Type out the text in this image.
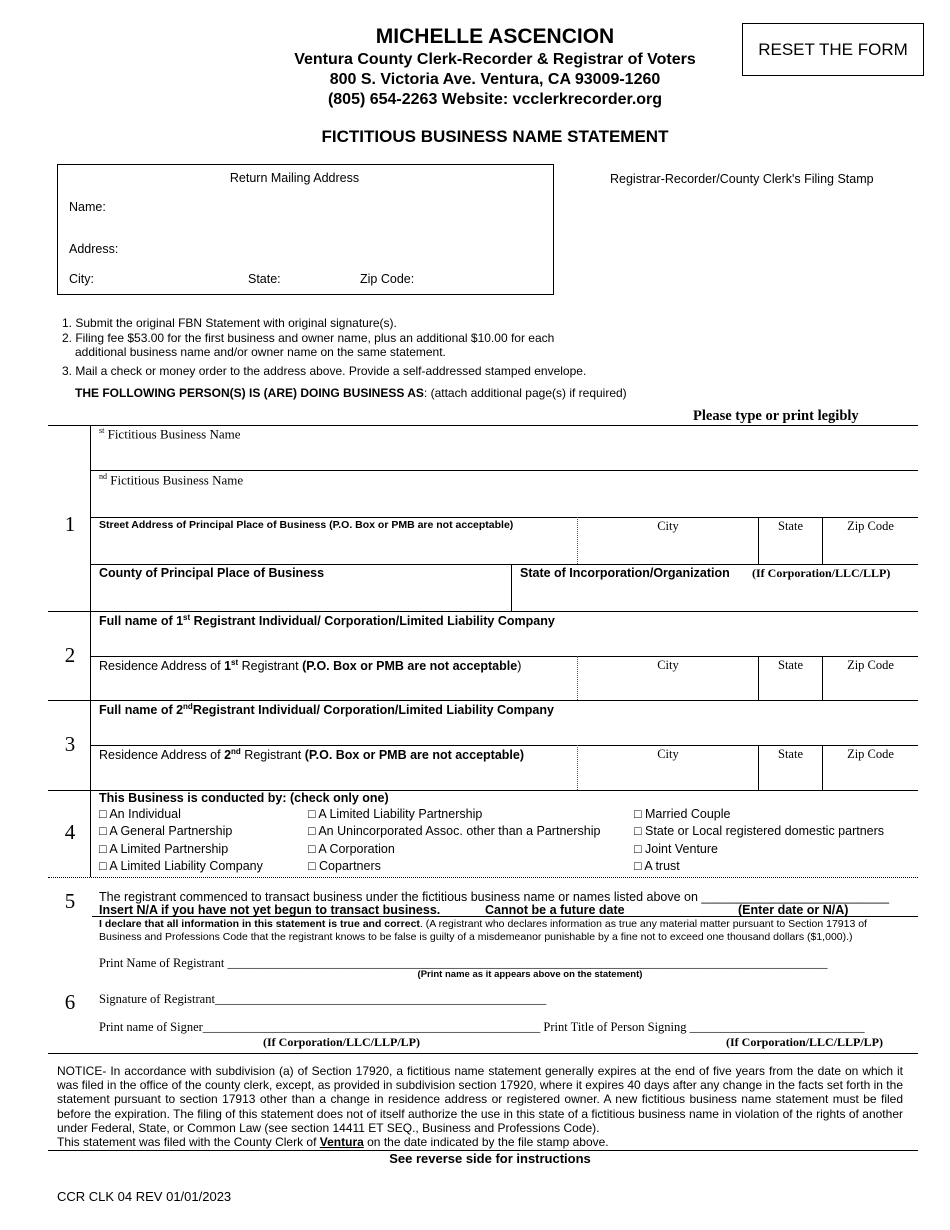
MICHELLE ASCENCION
Ventura County Clerk-Recorder & Registrar of Voters
800 S. Victoria Ave. Ventura, CA 93009-1260
(805) 654-2263 Website: vcclerkrecorder.org
FICTITIOUS BUSINESS NAME STATEMENT
RESET THE FORM
Return Mailing Address
Name:
Address:
City:	State:	Zip Code:
Registrar-Recorder/County Clerk's Filing Stamp
1. Submit the original FBN Statement with original signature(s).
2. Filing fee $53.00 for the first business and owner name, plus an additional $10.00 for each
additional business name and/or owner name on the same statement.
3. Mail a check or money order to the address above. Provide a self-addressed stamped envelope.
THE FOLLOWING PERSON(S) IS (ARE) DOING BUSINESS AS: (attach additional page(s) if required)
Please type or print legibly
1
$^{st}$ Fictitious Business Name
$^{nd}$ Fictitious Business Name
Street Address of Principal Place of Business (P.O. Box or PMB are not acceptable)	City	State	Zip Code
County of Principal Place of Business	State of Incorporation/Organization (If Corporation/LLC/LLP)
2
Full name of 1st Registrant Individual/ Corporation/Limited Liability Company
Residence Address of 1st Registrant (P.O. Box or PMB are not acceptable)	City	State	Zip Code
3
Full name of 2ndRegistrant Individual/ Corporation/Limited Liability Company
Residence Address of 2nd Registrant (P.O. Box or PMB are not acceptable)	City	State	Zip Code
4
This Business is conducted by: (check only one)
□ An Individual
□ A General Partnership
□ A Limited Partnership
□ A Limited Liability Company
□ A Limited Liability Partnership
□ An Unincorporated Assoc. other than a Partnership
□ A Corporation
□ Copartners
□ Married Couple
□ State or Local registered domestic partners
□ Joint Venture
□ A trust
5	The registrant commenced to transact business under the fictitious business name or names listed above on ___________________________
Insert N/A if you have not yet begun to transact business.	Cannot be a future date	(Enter date or N/A)
6
I declare that all information in this statement is true and correct. (A registrant who declares information as true any material matter pursuant to Section 17913 of Business and Professions Code that the registrant knows to be false is guilty of a misdemeanor punishable by a fine not to exceed one thousand dollars ($1,000).)
Print Name of Registrant ________________________________________________________________________________________________
(Print name as it appears above on the statement)
Signature of Registrant_____________________________________________________
Print name of Signer______________________________________________________ Print Title of Person Signing ____________________________
(If Corporation/LLC/LLP/LP)	(If Corporation/LLC/LLP/LP)
NOTICE- In accordance with subdivision (a) of Section 17920, a fictitious name statement generally expires at the end of five years from the date on which it was filed in the office of the county clerk, except, as provided in subdivision section 17920, where it expires 40 days after any change in the facts set forth in the statement pursuant to section 17913 other than a change in residence address or registered owner. A new fictitious business name statement must be filed before the expiration. The filing of this statement does not of itself authorize the use in this state of a fictitious business name in violation of the rights of another under Federal, State, or Common Law (see section 14411 ET SEQ., Business and Professions Code).
This statement was filed with the County Clerk of Ventura on the date indicated by the file stamp above.
See reverse side for instructions
CCR CLK 04 REV 01/01/2023
